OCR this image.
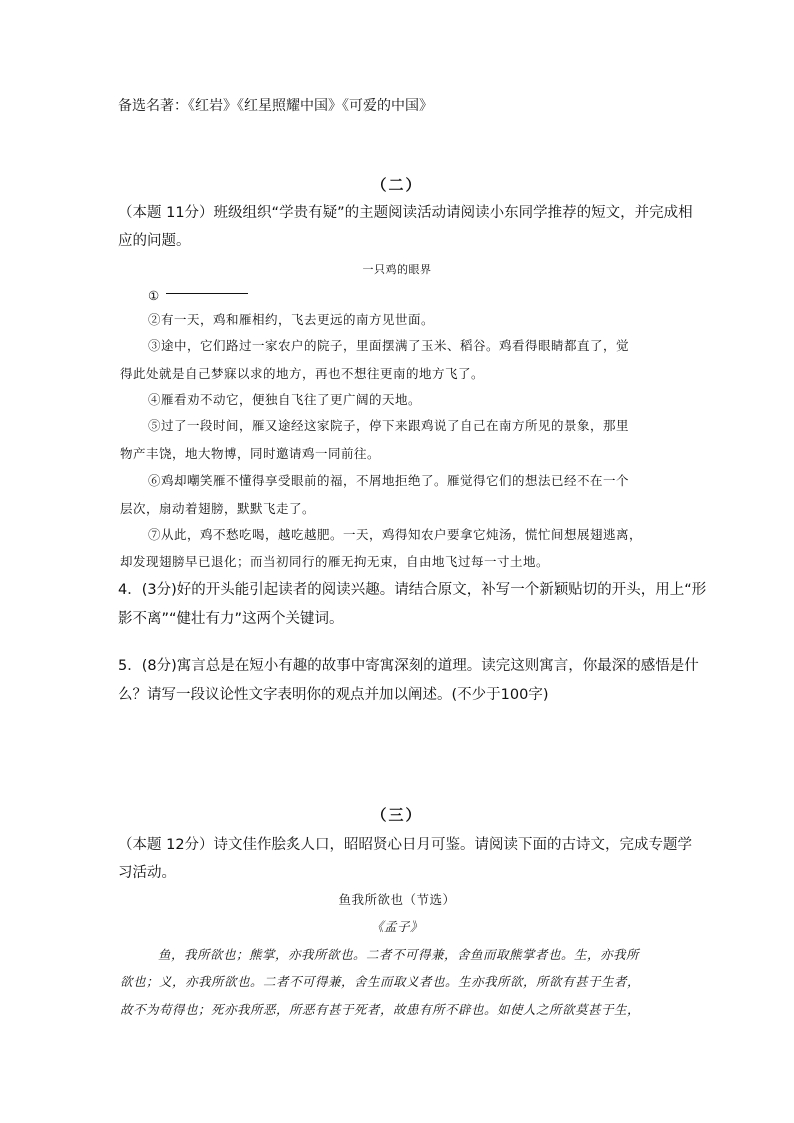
备选名著：《红岩》《红星照耀中国》《可爱的中国》
（二）
（本题 11分）班级组织“学贵有疑”的主题阅读活动请阅读小东同学推荐的短文，并完成相
应的问题。
一只鸡的眼界
①
②有一天，鸡和雁相约，飞去更远的南方见世面。
③途中，它们路过一家农户的院子，里面摆满了玉米、稻谷。鸡看得眼睛都直了，觉
得此处就是自己梦寐以求的地方，再也不想往更南的地方飞了。
④雁看劝不动它，便独自飞往了更广阔的天地。
⑤过了一段时间，雁又途经这家院子，停下来跟鸡说了自己在南方所见的景象，那里
物产丰饶，地大物博，同时邀请鸡一同前往。
⑥鸡却嘲笑雁不懂得享受眼前的福，不屑地拒绝了。雁觉得它们的想法已经不在一个
层次，扇动着翅膀，默默飞走了。
⑦从此，鸡不愁吃喝，越吃越肥。一天，鸡得知农户要拿它炖汤，慌忙间想展翅逃离，
却发现翅膀早已退化；而当初同行的雁无拘无束，自由地飞过每一寸土地。
4．(3分)好的开头能引起读者的阅读兴趣。请结合原文，补写一个新颖贴切的开头，用上“形
影不离”“健壮有力”这两个关键词。
5．(8分)寓言总是在短小有趣的故事中寄寓深刻的道理。读完这则寓言，你最深的感悟是什
么？请写一段议论性文字表明你的观点并加以阐述。(不少于100字)
（三）
（本题 12分）诗文佳作脍炙人口，昭昭贤心日月可鉴。请阅读下面的古诗文，完成专题学
习活动。
鱼我所欲也（节选）
《孟子》
鱼，我所欲也；熊掌，亦我所欲也。二者不可得兼，舍鱼而取熊掌者也。生，亦我所
欲也；义，亦我所欲也。二者不可得兼，舍生而取义者也。生亦我所欲，所欲有甚于生者，
故不为苟得也；死亦我所恶，所恶有甚于死者，故患有所不辟也。如使人之所欲莫甚于生，
